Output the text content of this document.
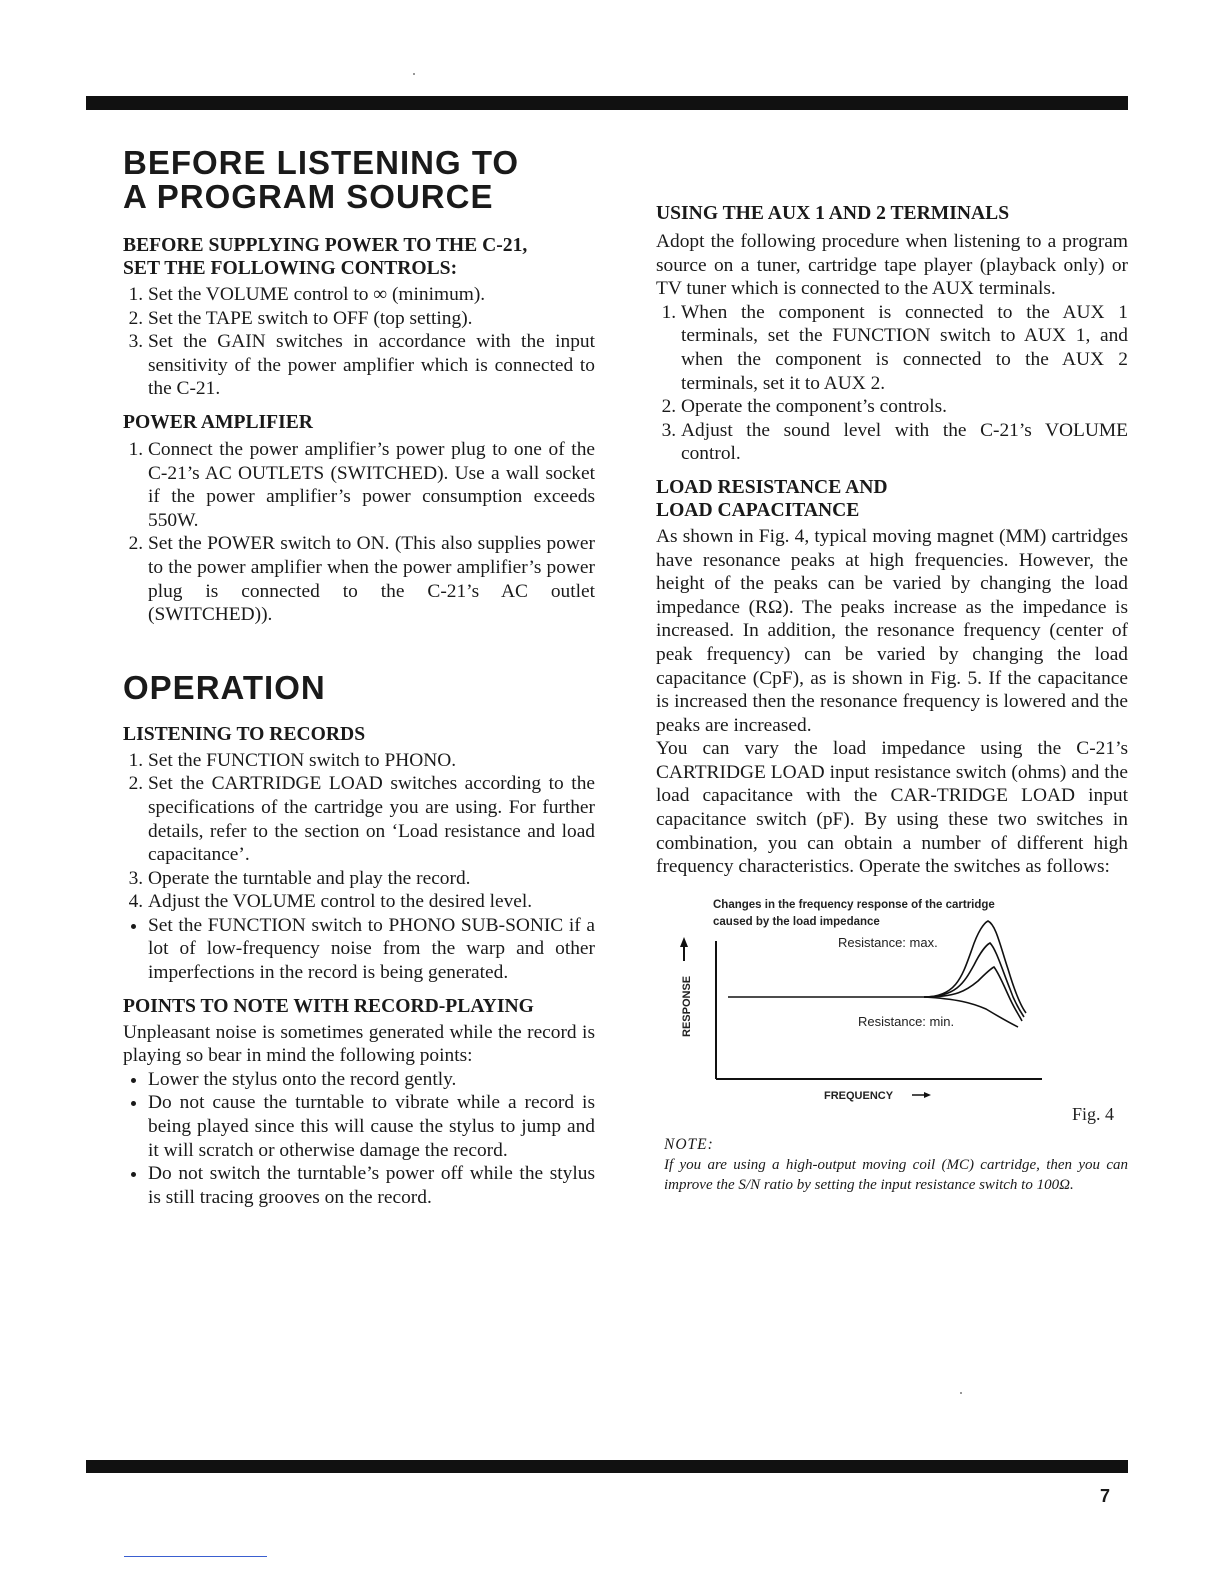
BEFORE LISTENING TO
A PROGRAM SOURCE
BEFORE SUPPLYING POWER TO THE C-21,
SET THE FOLLOWING CONTROLS:
1. Set the VOLUME control to ∞ (minimum).
2. Set the TAPE switch to OFF (top setting).
3. Set the GAIN switches in accordance with the input sensitivity of the power amplifier which is connected to the C-21.
POWER AMPLIFIER
1. Connect the power amplifier’s power plug to one of the C-21’s AC OUTLETS (SWITCHED). Use a wall socket if the power amplifier’s power consumption exceeds 550W.
2. Set the POWER switch to ON. (This also supplies power to the power amplifier when the power amplifier’s power plug is connected to the C-21’s AC outlet (SWITCHED)).
OPERATION
LISTENING TO RECORDS
1. Set the FUNCTION switch to PHONO.
2. Set the CARTRIDGE LOAD switches according to the specifications of the cartridge you are using. For further details, refer to the section on ‘Load resistance and load capacitance’.
3. Operate the turntable and play the record.
4. Adjust the VOLUME control to the desired level.
• Set the FUNCTION switch to PHONO SUB-SONIC if a lot of low-frequency noise from the warp and other imperfections in the record is being generated.
POINTS TO NOTE WITH RECORD-PLAYING

Unpleasant noise is sometimes generated while the record is playing so bear in mind the following points:

• Lower the stylus onto the record gently.
• Do not cause the turntable to vibrate while a record is being played since this will cause the stylus to jump and it will scratch or otherwise damage the record.
• Do not switch the turntable’s power off while the stylus is still tracing grooves on the record.
USING THE AUX 1 AND 2 TERMINALS

Adopt the following procedure when listening to a program source on a tuner, cartridge tape player (playback only) or TV tuner which is connected to the AUX terminals.

1. When the component is connected to the AUX 1 terminals, set the FUNCTION switch to AUX 1, and when the component is connected to the AUX 2 terminals, set it to AUX 2.
2. Operate the component’s controls.
3. Adjust the sound level with the C-21’s VOLUME control.
LOAD RESISTANCE AND
LOAD CAPACITANCE

As shown in Fig. 4, typical moving magnet (MM) cartridges have resonance peaks at high frequencies. However, the height of the peaks can be varied by changing the load impedance (RΩ). The peaks increase as the impedance is increased. In addition, the resonance frequency (center of peak frequency) can be varied by changing the load capacitance (CpF), as is shown in Fig. 5. If the capacitance is increased then the resonance frequency is lowered and the peaks are increased.

You can vary the load impedance using the C-21’s CARTRIDGE LOAD input resistance switch (ohms) and the load capacitance with the CAR-TRIDGE LOAD input capacitance switch (pF). By using these two switches in combination, you can obtain a number of different high frequency characteristics. Operate the switches as follows:

Changes in the frequency response of the cartridge
caused by the load impedance
Resistance: max.
Resistance: min.
RESPONSE
FREQUENCY
Fig. 4
NOTE:
If you are using a high-output moving coil (MC) cartridge, then you can improve the S/N ratio by setting the input resistance switch to 100Ω.
7
